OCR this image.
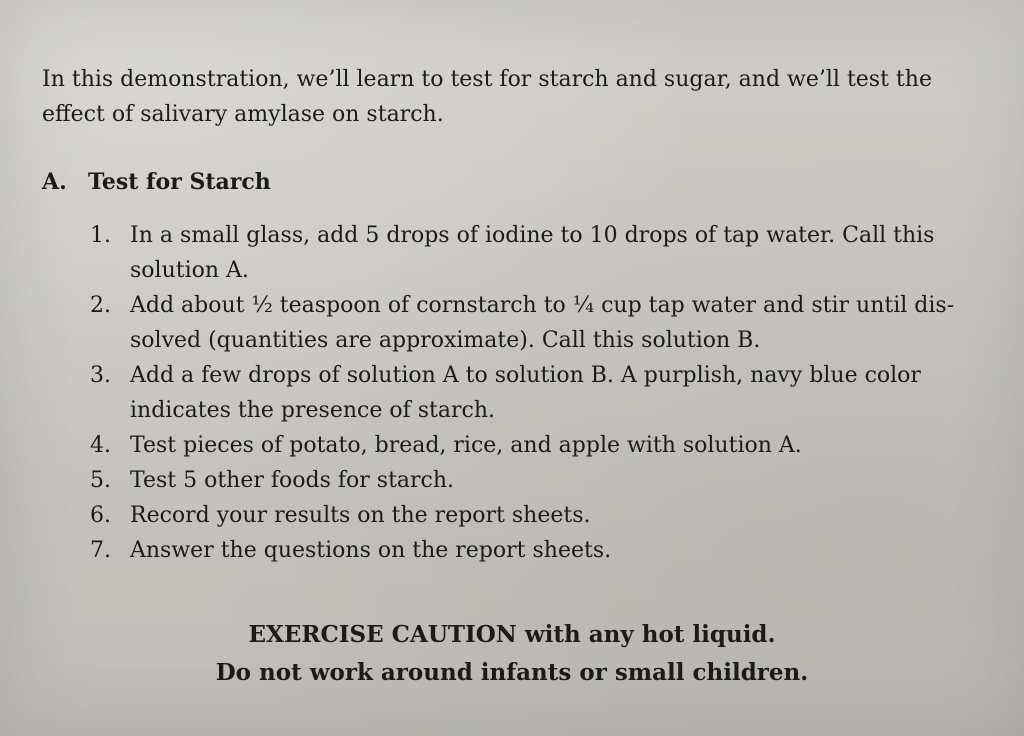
In this demonstration, we’ll learn to test for starch and sugar, and we’ll test the effect of salivary amylase on starch.

A. Test for Starch
1. In a small glass, add 5 drops of iodine to 10 drops of tap water. Call this solution A.
2. Add about ½ teaspoon of cornstarch to ¼ cup tap water and stir until dis-solved (quantities are approximate). Call this solution B.
3. Add a few drops of solution A to solution B. A purplish, navy blue color indicates the presence of starch.
4. Test pieces of potato, bread, rice, and apple with solution A.
5. Test 5 other foods for starch.
6. Record your results on the report sheets.
7. Answer the questions on the report sheets.

EXERCISE CAUTION with any hot liquid.
Do not work around infants or small children.
